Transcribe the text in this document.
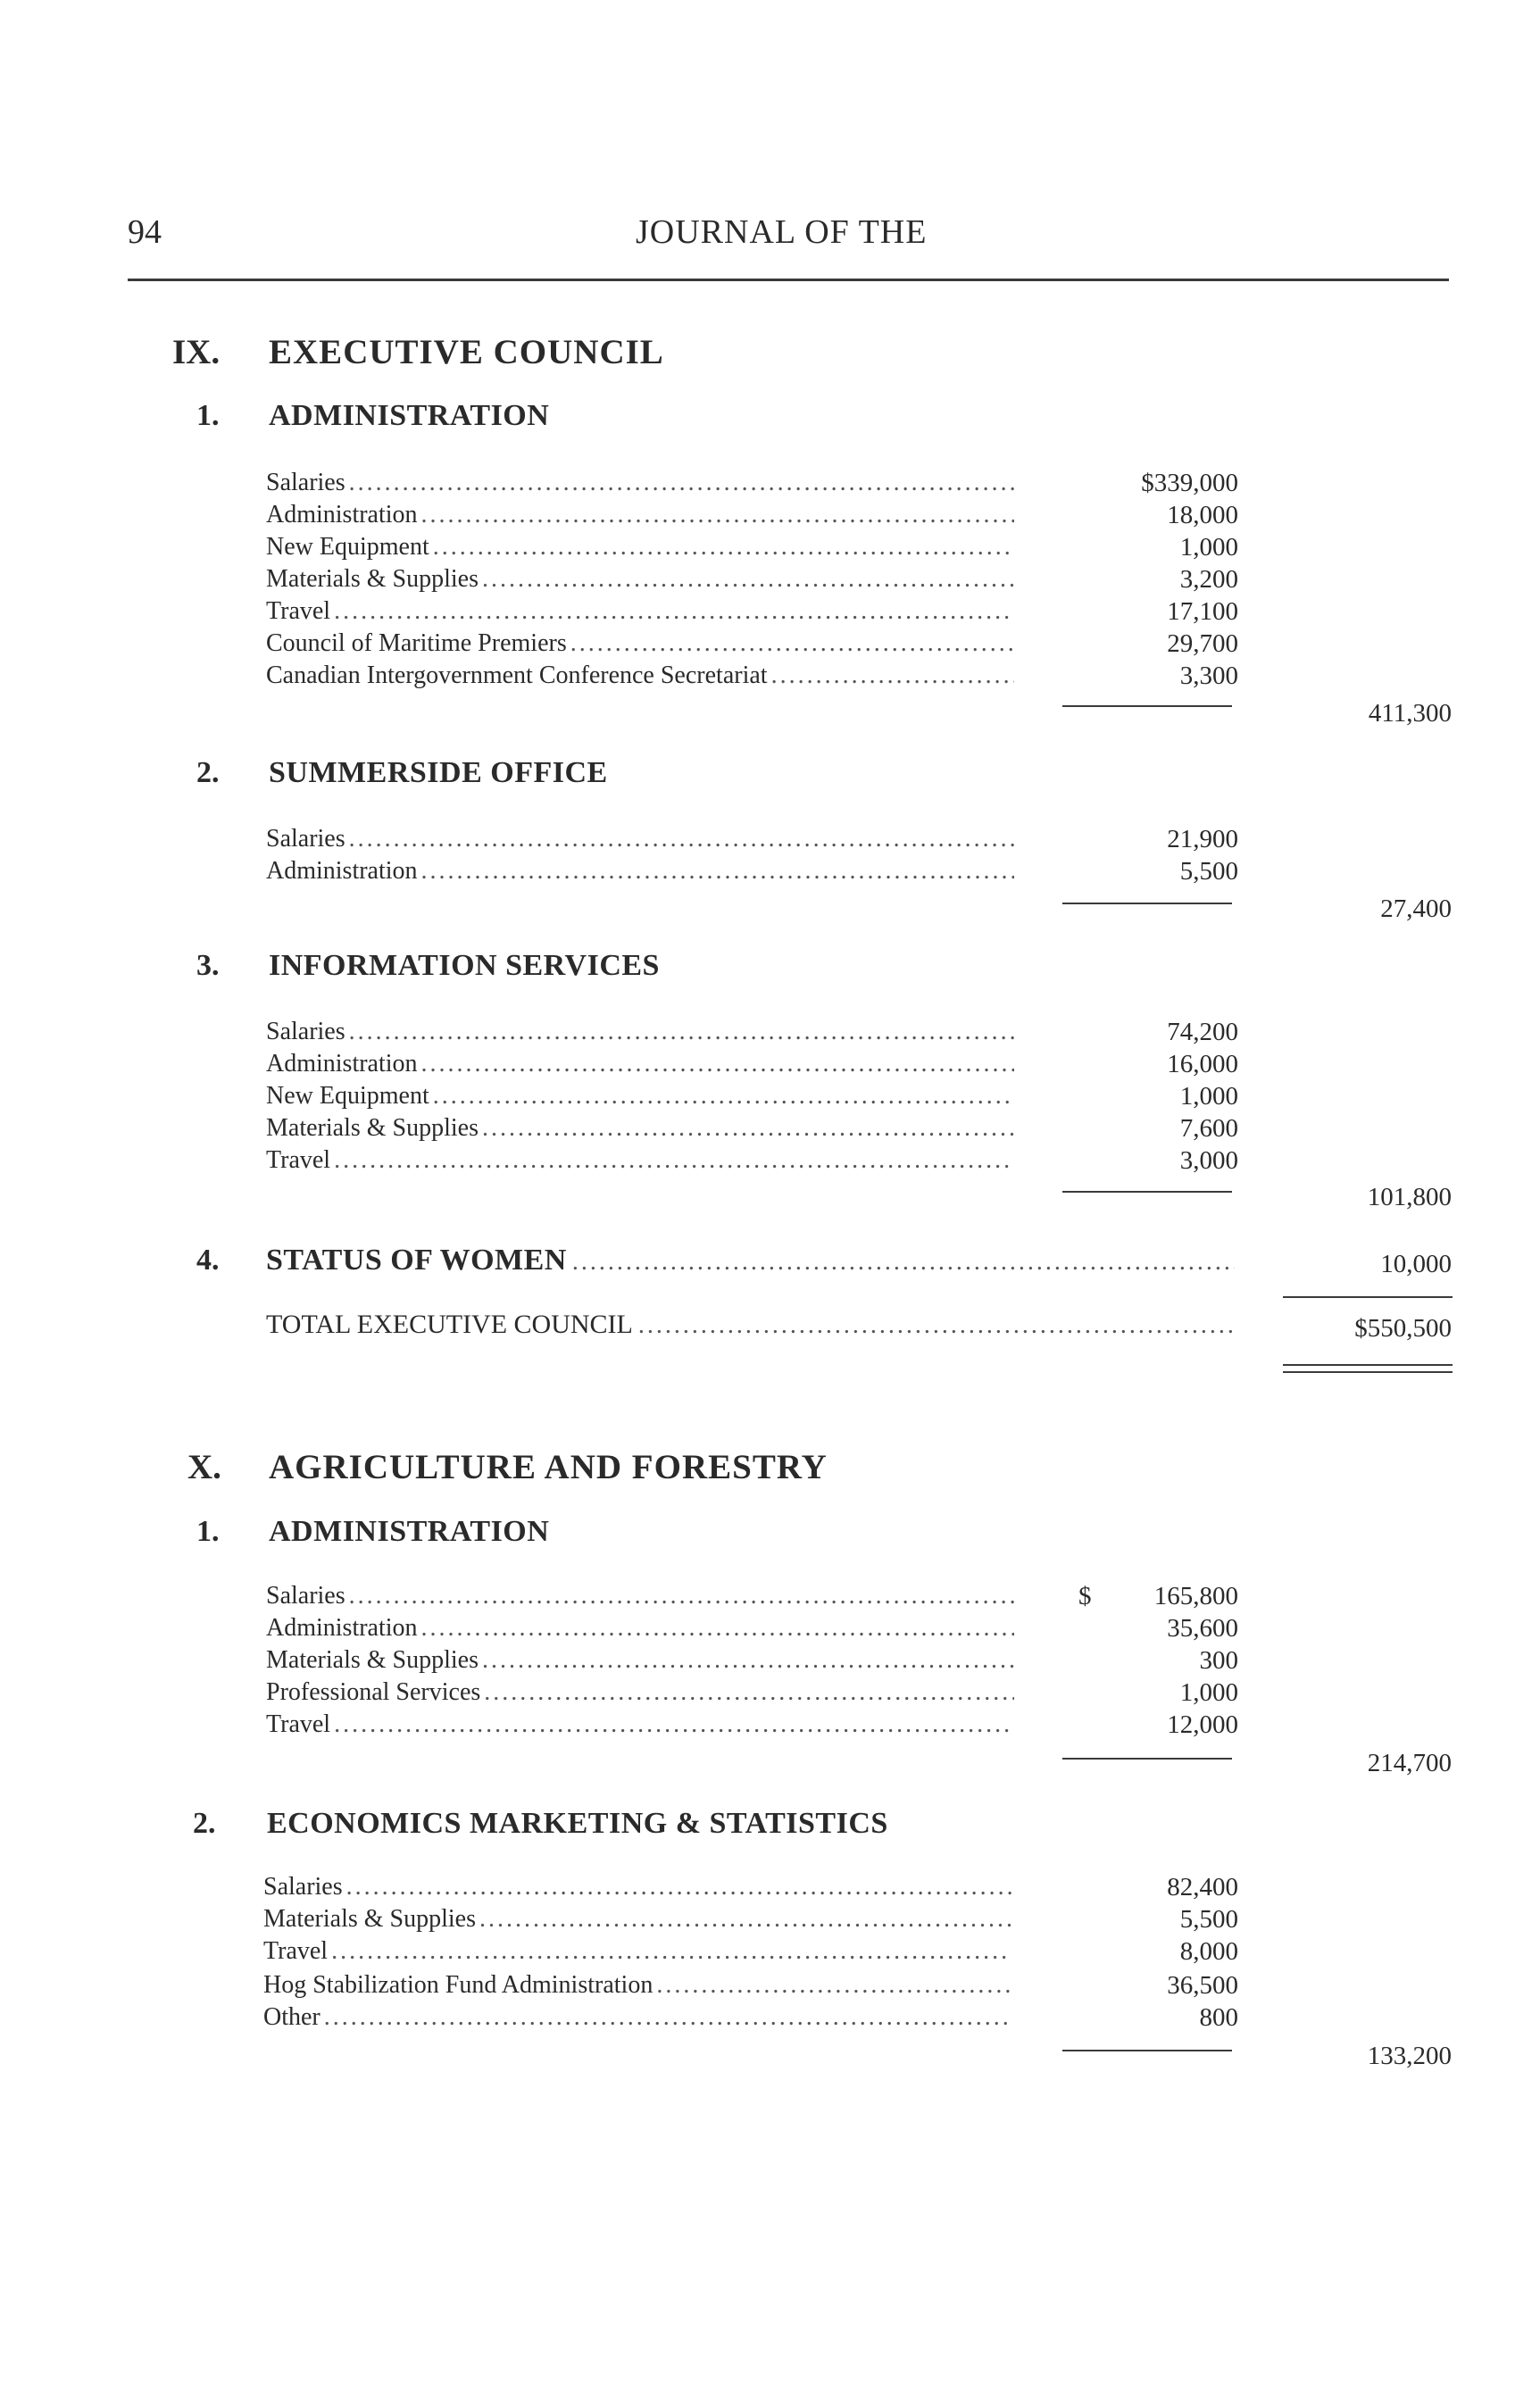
94	JOURNAL OF THE
IX. EXECUTIVE COUNCIL
1. ADMINISTRATION
Salaries .....	$339,000
Administration .....	18,000
New Equipment .....	1,000
Materials & Supplies .....	3,200
Travel .....	17,100
Council of Maritime Premiers .....	29,700
Canadian Intergovernment Conference Secretariat .....	3,300
411,300
2. SUMMERSIDE OFFICE
Salaries .....	21,900
Administration .....	5,500
27,400
3. INFORMATION SERVICES
Salaries .....	74,200
Administration .....	16,000
New Equipment .....	1,000
Materials & Supplies .....	7,600
Travel .....	3,000
101,800
4. STATUS OF WOMEN .....	10,000
TOTAL EXECUTIVE COUNCIL .....	$550,500
X. AGRICULTURE AND FORESTRY
1. ADMINISTRATION
Salaries .....	$	165,800
Administration .....	35,600
Materials & Supplies .....	300
Professional Services .....	1,000
Travel .....	12,000
214,700
2. ECONOMICS MARKETING & STATISTICS
Salaries .....	82,400
Materials & Supplies .....	5,500
Travel .....	8,000
Hog Stabilization Fund Administration .....	36,500
Other .....	800
133,200
